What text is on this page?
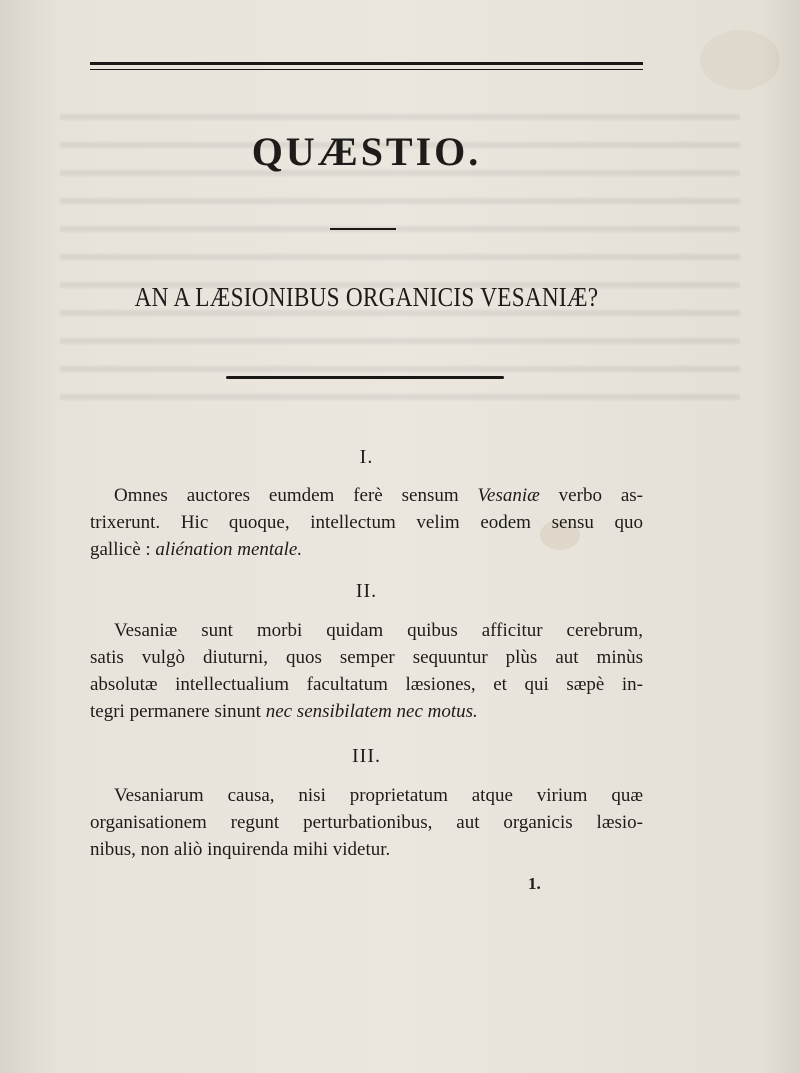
QUÆSTIO.
AN A LÆSIONIBUS ORGANICIS VESANIÆ?
I.
Omnes auctores eumdem ferè sensum Vesaniæ verbo as-
trixerunt. Hic quoque, intellectum velim eodem sensu quo
gallicè : aliénation mentale.
II.
Vesaniæ sunt morbi quidam quibus afficitur cerebrum,
satis vulgò diuturni, quos semper sequuntur plùs aut minùs
absolutæ intellectualium facultatum læsiones, et qui sæpè in-
tegri permanere sinunt nec sensibilatem nec motus.
III.
Vesaniarum causa, nisi proprietatum atque virium quæ
organisationem regunt perturbationibus, aut organicis læsio-
nibus, non aliò inquirenda mihi videtur.
1.
